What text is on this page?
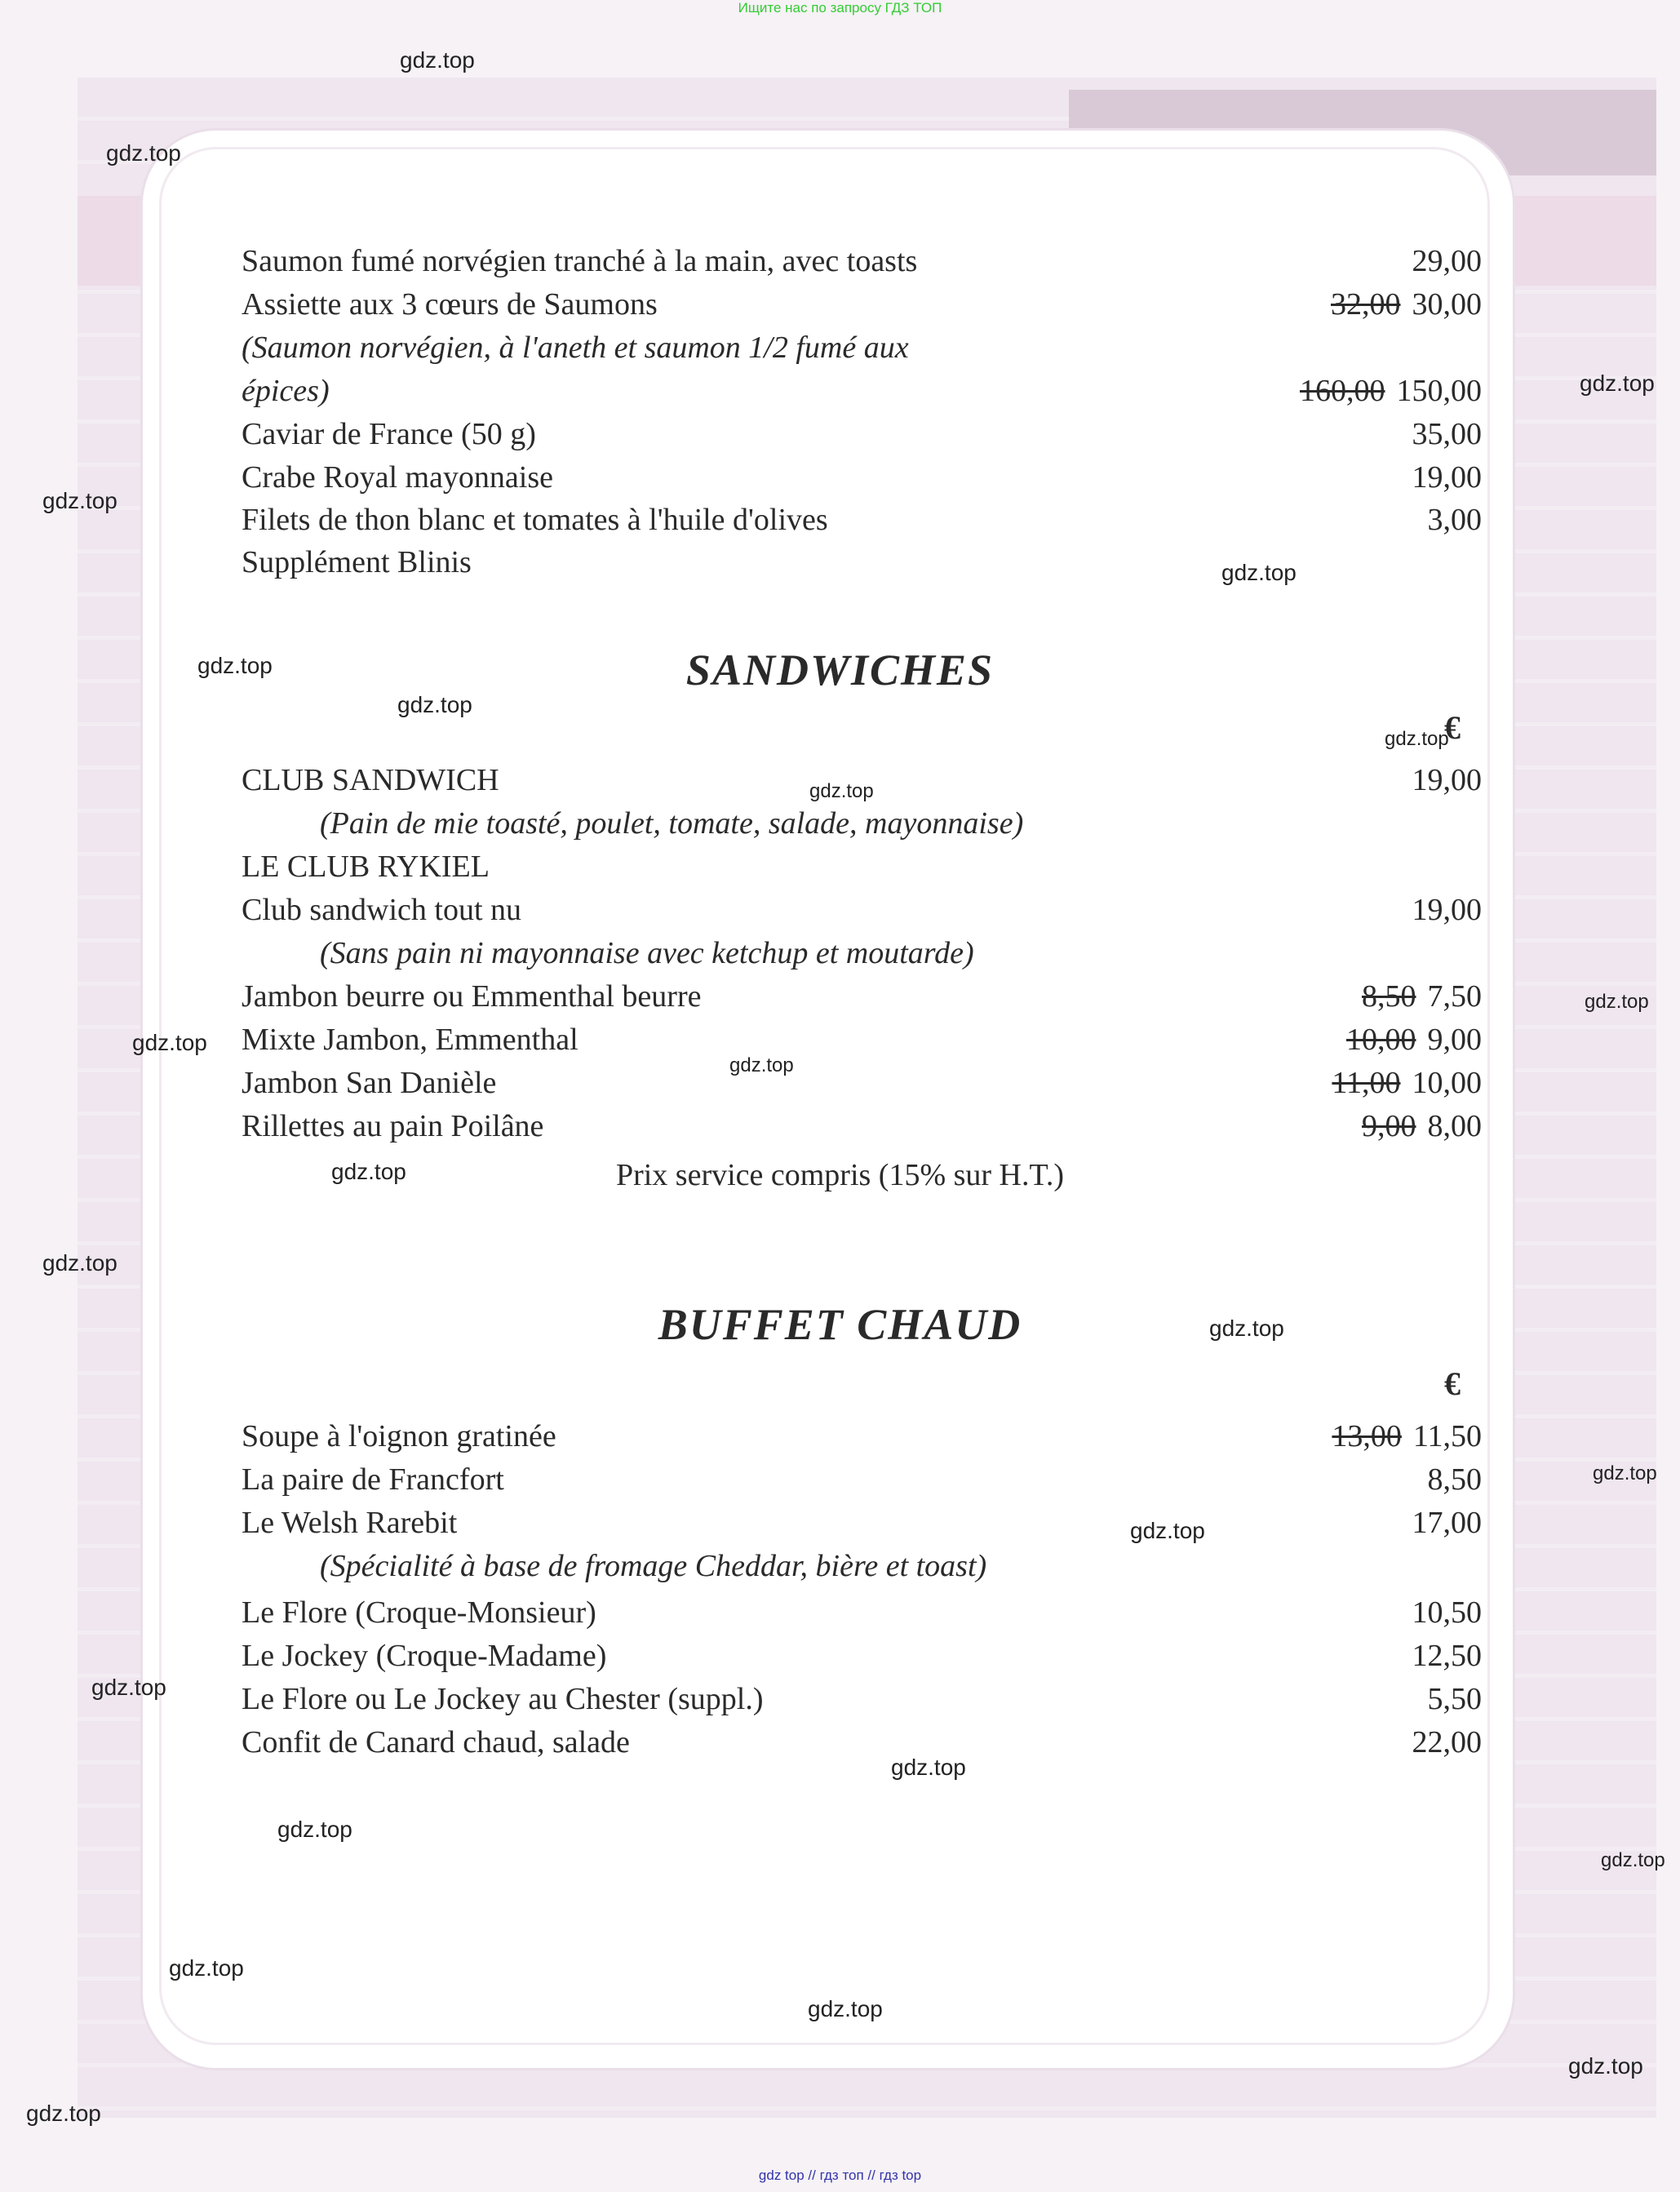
Ищите нас по запросу ГДЗ ТОП
gdz.top
gdz.top
gdz.top
gdz.top
gdz.top
gdz.top
gdz.top
gdz.top
gdz.top
gdz.top
gdz.top
gdz.top
gdz.top
gdz.top
gdz.top
gdz.top
gdz.top
gdz.top
gdz.top
gdz.top
gdz.top
gdz.top
gdz.top
gdz.top
gdz.top
Saumon fumé norvégien tranché à la main, avec toasts	29,00
Assiette aux 3 cœurs de Saumons	32,00 30,00
(Saumon norvégien, à l'aneth et saumon 1/2 fumé aux
épices)	160,00 150,00
Caviar de France (50 g)	35,00
Crabe Royal mayonnaise	19,00
Filets de thon blanc et tomates à l'huile d'olives	3,00
Supplément Blinis
SANDWICHES
€
CLUB SANDWICH	19,00
(Pain de mie toasté, poulet, tomate, salade, mayonnaise)
LE CLUB RYKIEL
Club sandwich tout nu	19,00
(Sans pain ni mayonnaise avec ketchup et moutarde)
Jambon beurre ou Emmenthal beurre	8,50 7,50
Mixte Jambon, Emmenthal	10,00 9,00
Jambon San Danièle	11,00 10,00
Rillettes au pain Poilâne	9,00 8,00
Prix service compris (15% sur H.T.)
BUFFET CHAUD
€
Soupe à l'oignon gratinée	13,00 11,50
La paire de Francfort	8,50
Le Welsh Rarebit	17,00
(Spécialité à base de fromage Cheddar, bière et toast)
Le Flore (Croque-Monsieur)	10,50
Le Jockey (Croque-Madame)	12,50
Le Flore ou Le Jockey au Chester (suppl.)	5,50
Confit de Canard chaud, salade	22,00
gdz top // гдз топ // гдз top
